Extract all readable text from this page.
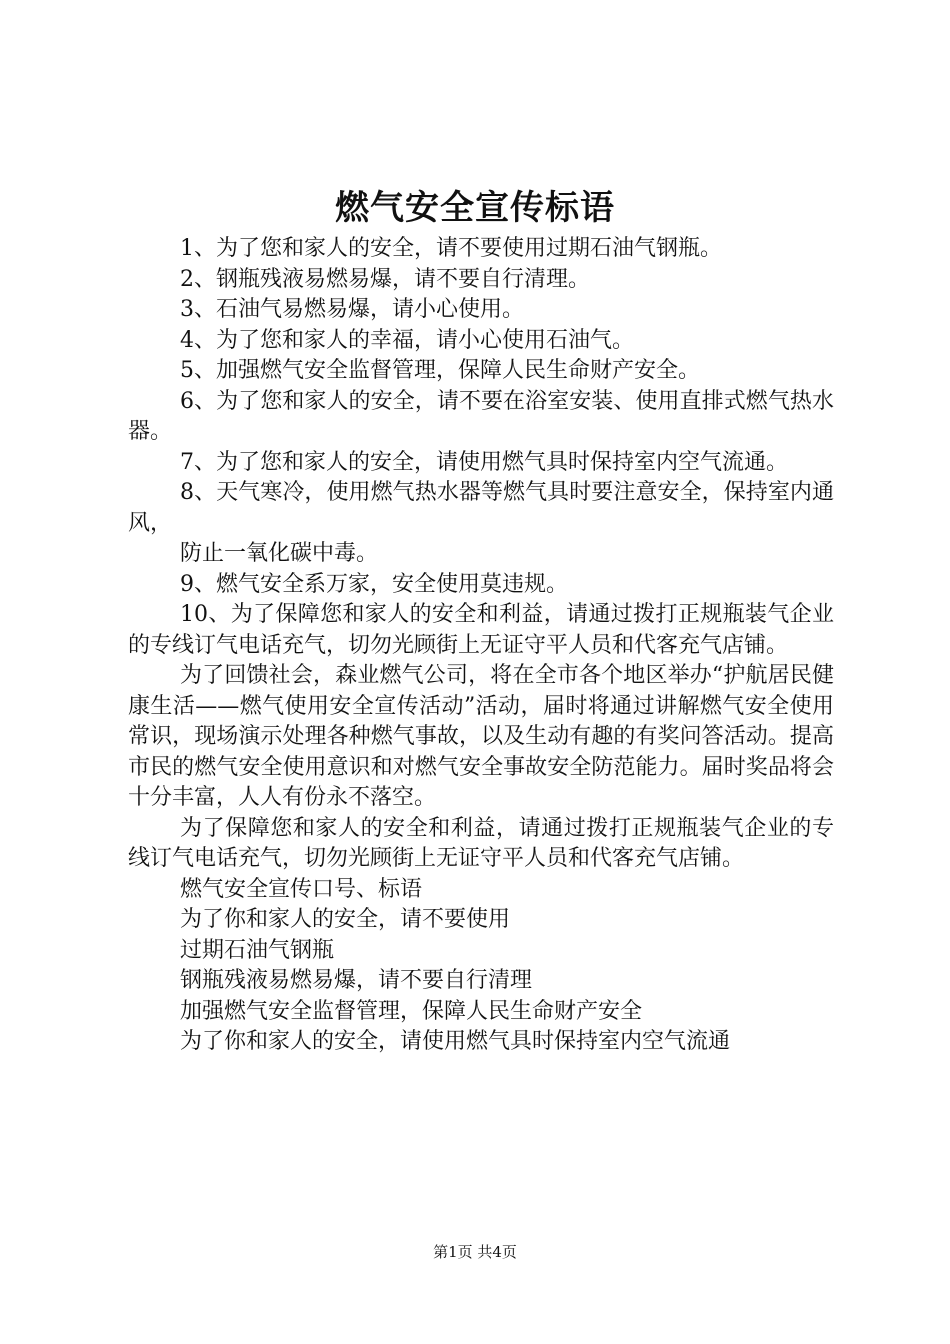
燃气安全宣传标语

1、为了您和家人的安全，请不要使用过期石油气钢瓶。

2、钢瓶残液易燃易爆，请不要自行清理。

3、石油气易燃易爆，请小心使用。

4、为了您和家人的幸福，请小心使用石油气。

5、加强燃气安全监督管理，保障人民生命财产安全。

6、为了您和家人的安全，请不要在浴室安装、使用直排式燃气热水器。

7、为了您和家人的安全，请使用燃气具时保持室内空气流通。

8、天气寒冷，使用燃气热水器等燃气具时要注意安全，保持室内通风，

防止一氧化碳中毒。

9、燃气安全系万家，安全使用莫违规。

10、为了保障您和家人的安全和利益，请通过拨打正规瓶装气企业的专线订气电话充气，切勿光顾街上无证守平人员和代客充气店铺。

为了回馈社会，森业燃气公司，将在全市各个地区举办“护航居民健康生活——燃气使用安全宣传活动”活动，届时将通过讲解燃气安全使用常识，现场演示处理各种燃气事故，以及生动有趣的有奖问答活动。提高市民的燃气安全使用意识和对燃气安全事故安全防范能力。届时奖品将会十分丰富，人人有份永不落空。

为了保障您和家人的安全和利益，请通过拨打正规瓶装气企业的专线订气电话充气，切勿光顾街上无证守平人员和代客充气店铺。

燃气安全宣传口号、标语

为了你和家人的安全，请不要使用

过期石油气钢瓶

钢瓶残液易燃易爆，请不要自行清理

加强燃气安全监督管理，保障人民生命财产安全

为了你和家人的安全，请使用燃气具时保持室内空气流通

第1页 共4页
